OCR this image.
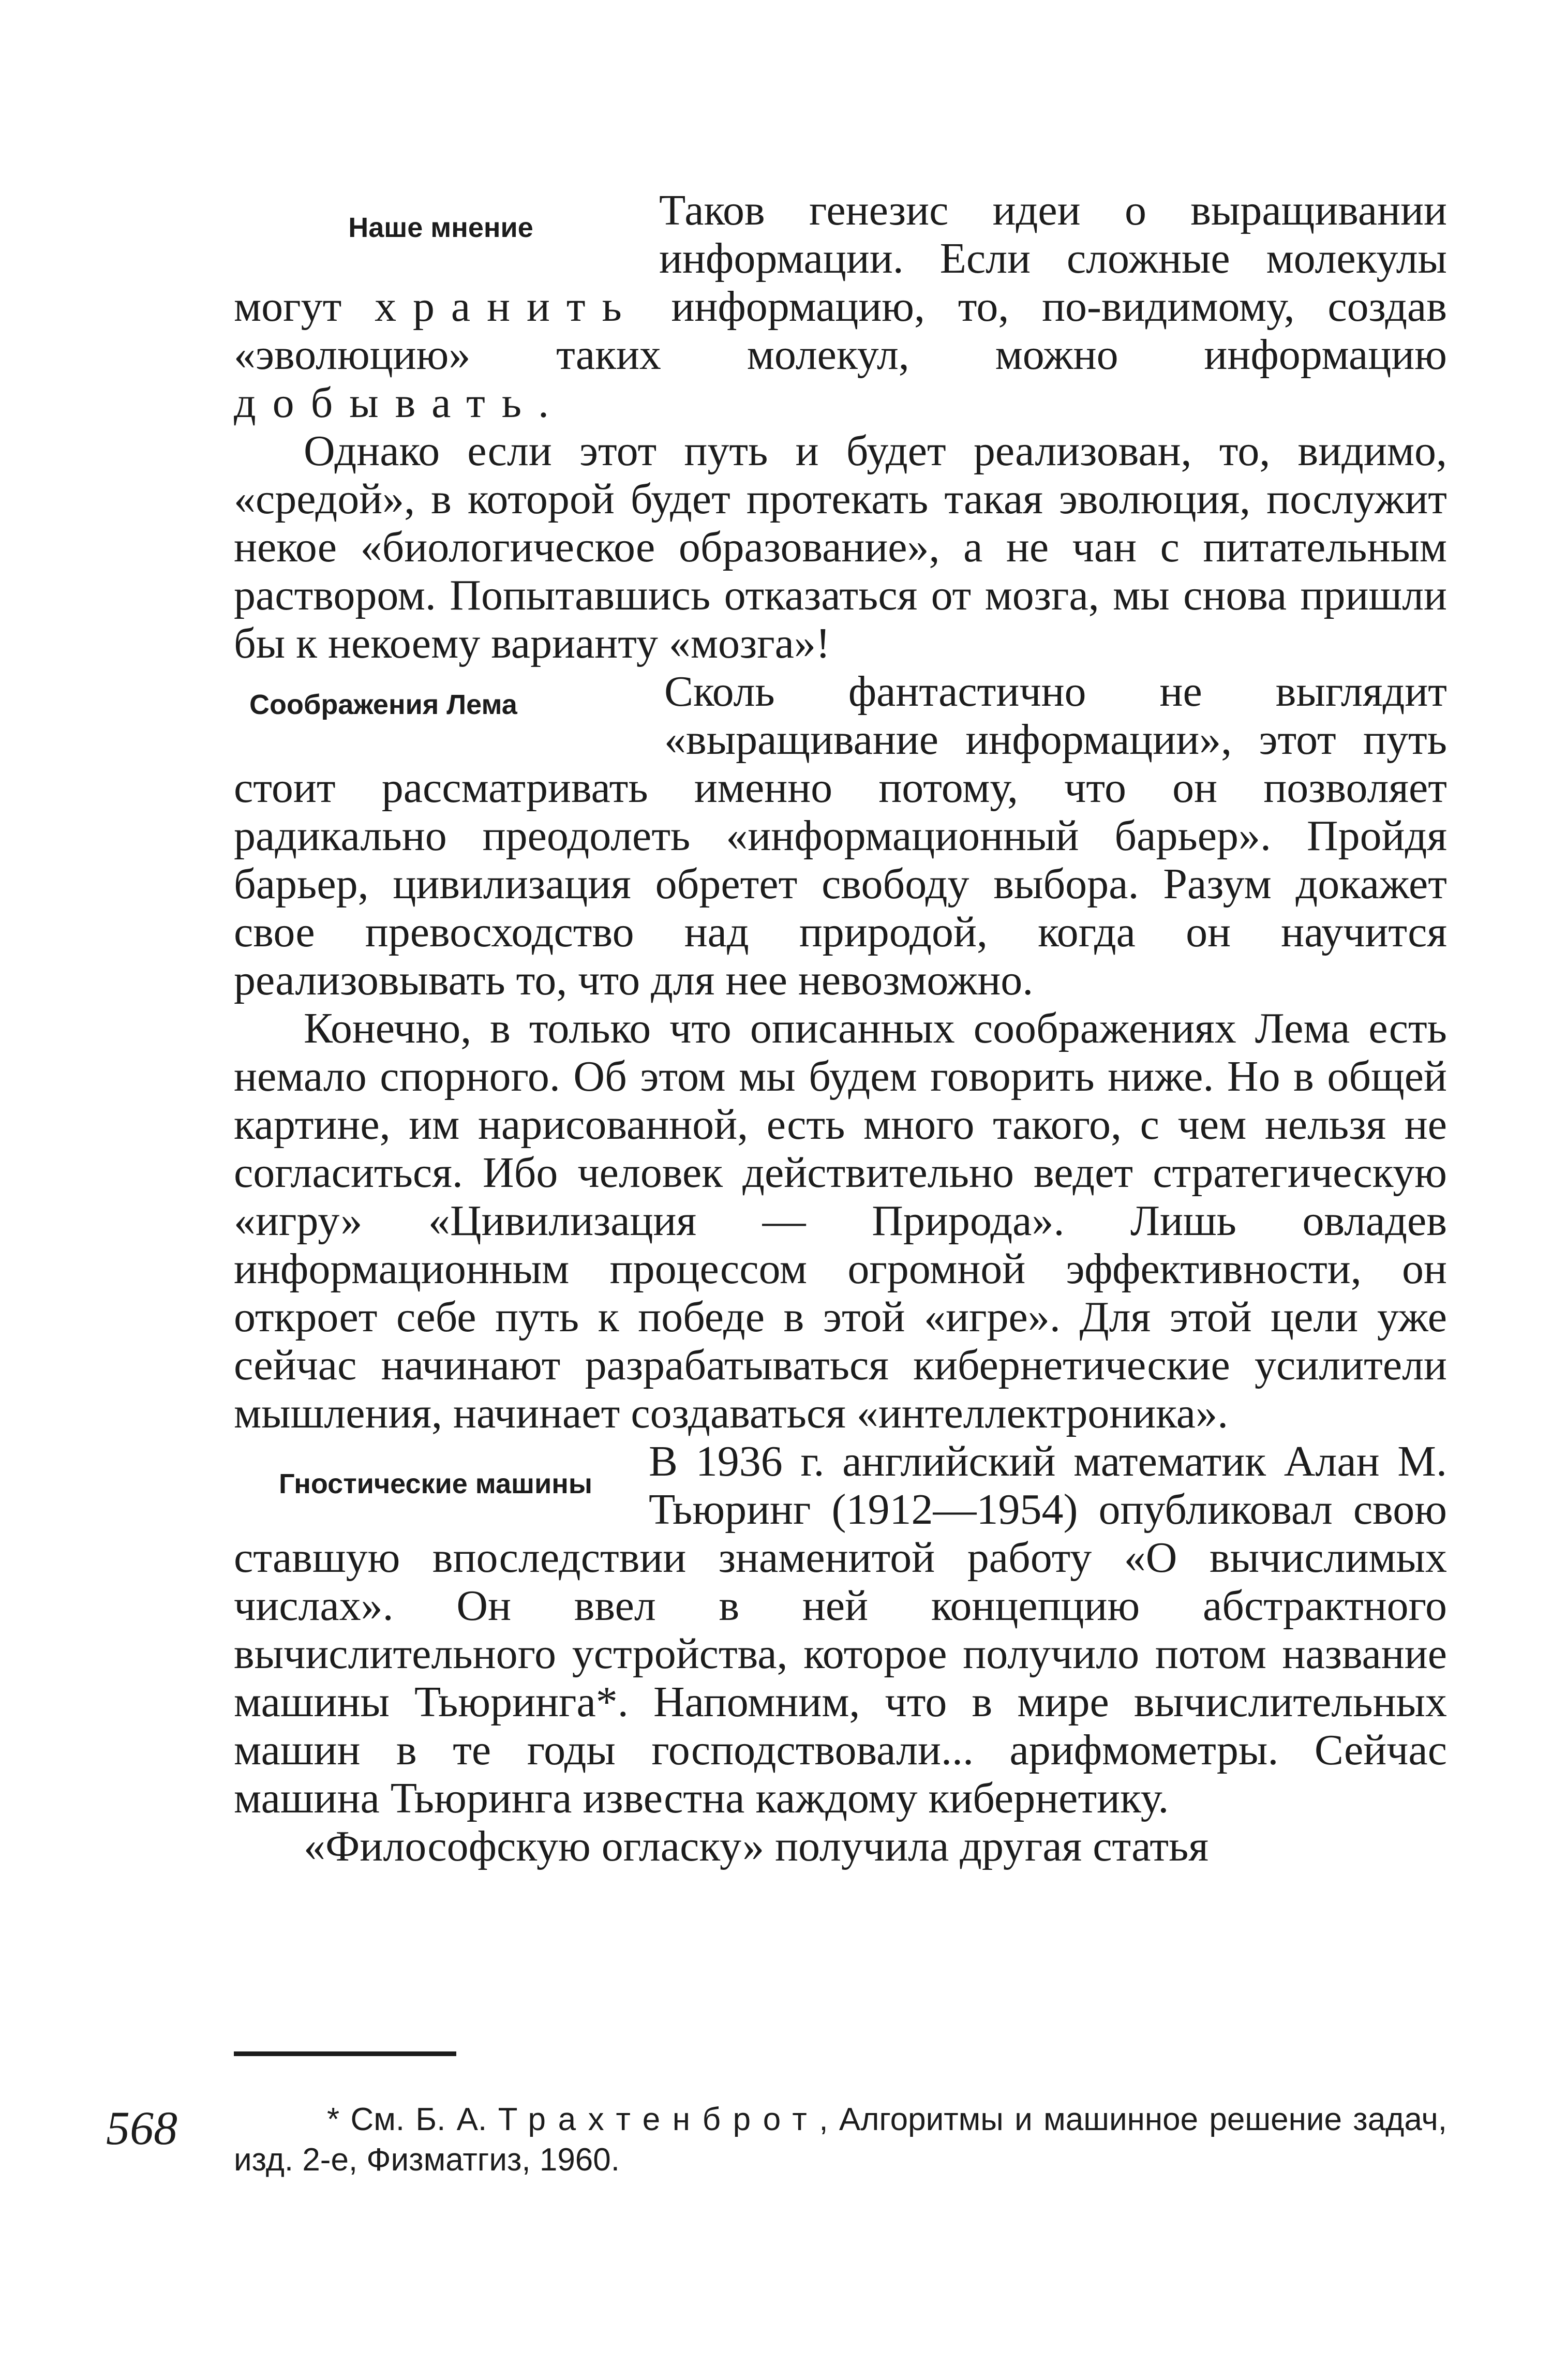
Наше мнение	Таков генезис идеи о выращивании информации. Если сложные молекулы могут хранить информацию, то, по-видимому, создав «эволюцию» таких молекул, можно информацию добывать.

Однако если этот путь и будет реализован, то, видимо, «средой», в которой будет протекать такая эволюция, послужит некое «биологическое образование», а не чан с питательным раствором. Попытавшись отказаться от мозга, мы снова пришли бы к некоему варианту «мозга»!

Соображения Лема	Сколь фантастично не выглядит «выращивание информации», этот путь стоит рассматривать именно потому, что он позволяет радикально преодолеть «информационный барьер». Пройдя барьер, цивилизация обретет свободу выбора. Разум докажет свое превосходство над природой, когда он научится реализовывать то, что для нее невозможно.

Конечно, в только что описанных соображениях Лема есть немало спорного. Об этом мы будем говорить ниже. Но в общей картине, им нарисованной, есть много такого, с чем нельзя не согласиться. Ибо человек действительно ведет стратегическую «игру» «Цивилизация — Природа». Лишь овладев информационным процессом огромной эффективности, он откроет себе путь к победе в этой «игре». Для этой цели уже сейчас начинают разрабатываться кибернетические усилители мышления, начинает создаваться «интеллектроника».

Гностические машины	В 1936 г. английский математик Алан М. Тьюринг (1912—1954) опубликовал свою ставшую впоследствии знаменитой работу «О вычислимых числах». Он ввел в ней концепцию абстрактного вычислительного устройства, которое получило потом название машины Тьюринга*. Напомним, что в мире вычислительных машин в те годы господствовали... арифмометры. Сейчас машина Тьюринга известна каждому кибернетику.

«Философскую огласку» получила другая статья

568	* См. Б. А. Трахтенброт, Алгоритмы и машинное решение задач, изд. 2-е, Физматгиз, 1960.
